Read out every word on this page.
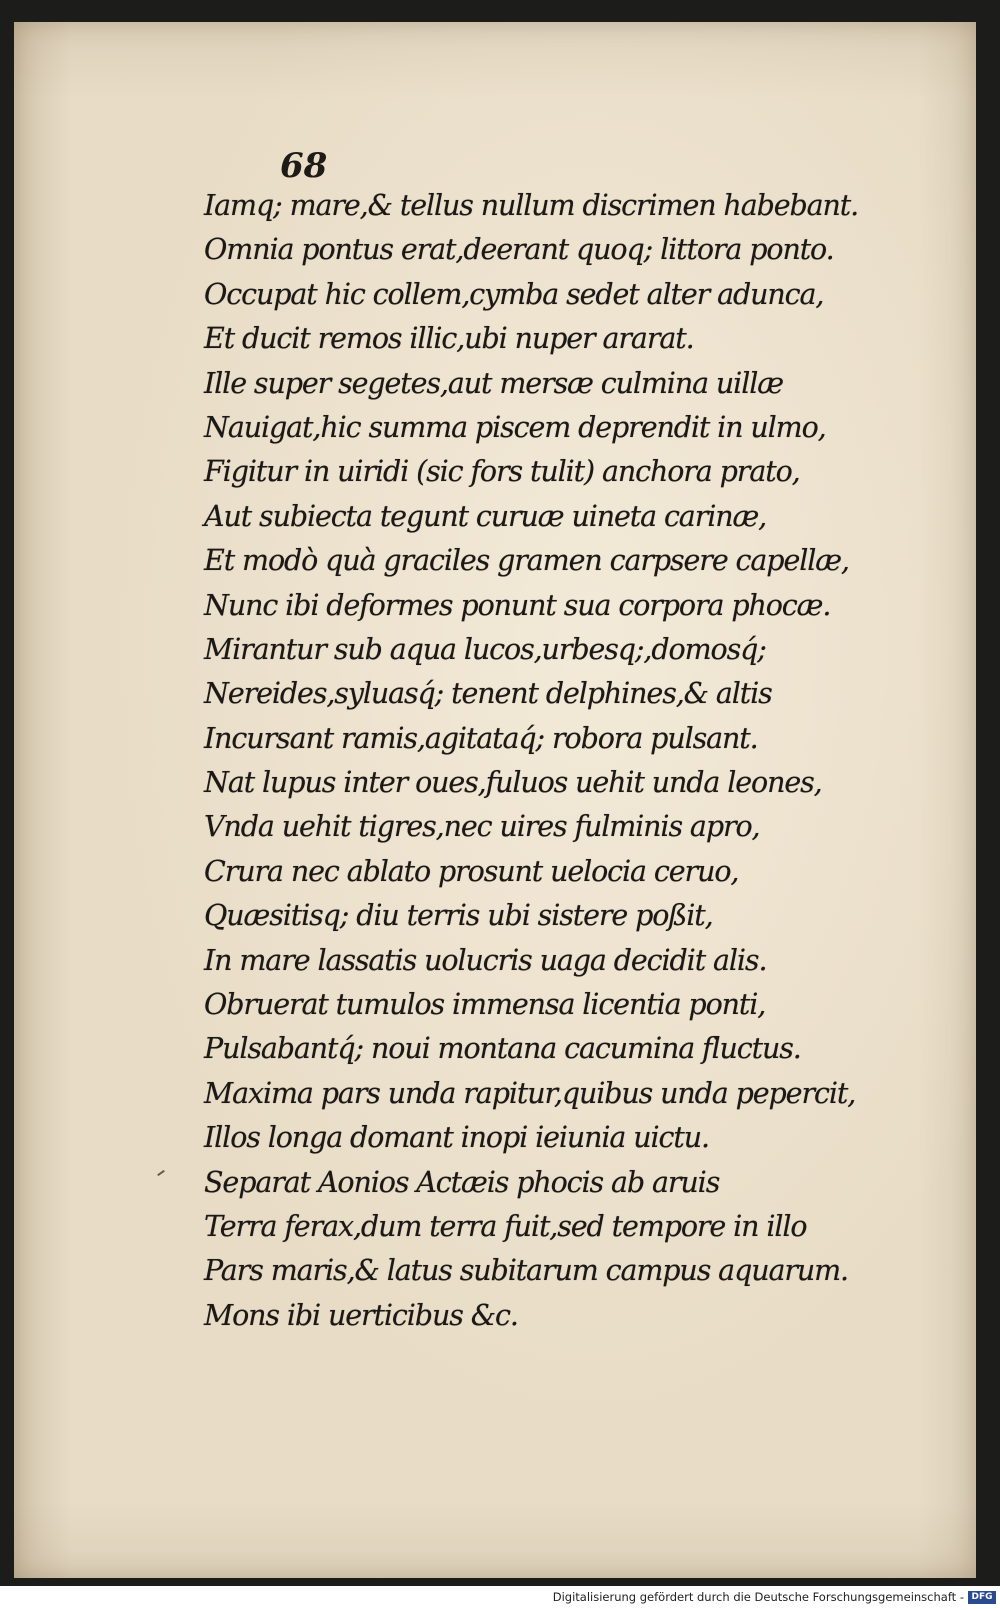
68
Iamq; mare,& tellus nullum discrimen habebant.
Omnia pontus erat,deerant quoq; littora ponto.
Occupat hic collem,cymba sedet alter adunca,
Et ducit remos illic,ubi nuper ararat.
Ille super segetes,aut mersæ culmina uillæ
Nauigat,hic summa piscem deprendit in ulmo,
Figitur in uiridi (sic fors tulit) anchora prato,
Aut subiecta tegunt curuæ uineta carinæ,
Et modò quà graciles gramen carpsere capellæ,
Nunc ibi deformes ponunt sua corpora phocæ.
Mirantur sub aqua lucos,urbesq;,domosq́;
Nereides,syluasq́; tenent delphines,& altis
Incursant ramis,agitataq́; robora pulsant.
Nat lupus inter oues,fuluos uehit unda leones,
Vnda uehit tigres,nec uires fulminis apro,
Crura nec ablato prosunt uelocia ceruo,
Quæsitisq; diu terris ubi sistere poßit,
In mare lassatis uolucris uaga decidit alis.
Obruerat tumulos immensa licentia ponti,
Pulsabantq́; noui montana cacumina fluctus.
Maxima pars unda rapitur,quibus unda pepercit,
Illos longa domant inopi ieiunia uictu.
Separat Aonios Actæis phocis ab aruis
Terra ferax,dum terra fuit,sed tempore in illo
Pars maris,& latus subitarum campus aquarum.
Mons ibi uerticibus &c.
Digitalisierung gefördert durch die Deutsche Forschungsgemeinschaft - DFG
